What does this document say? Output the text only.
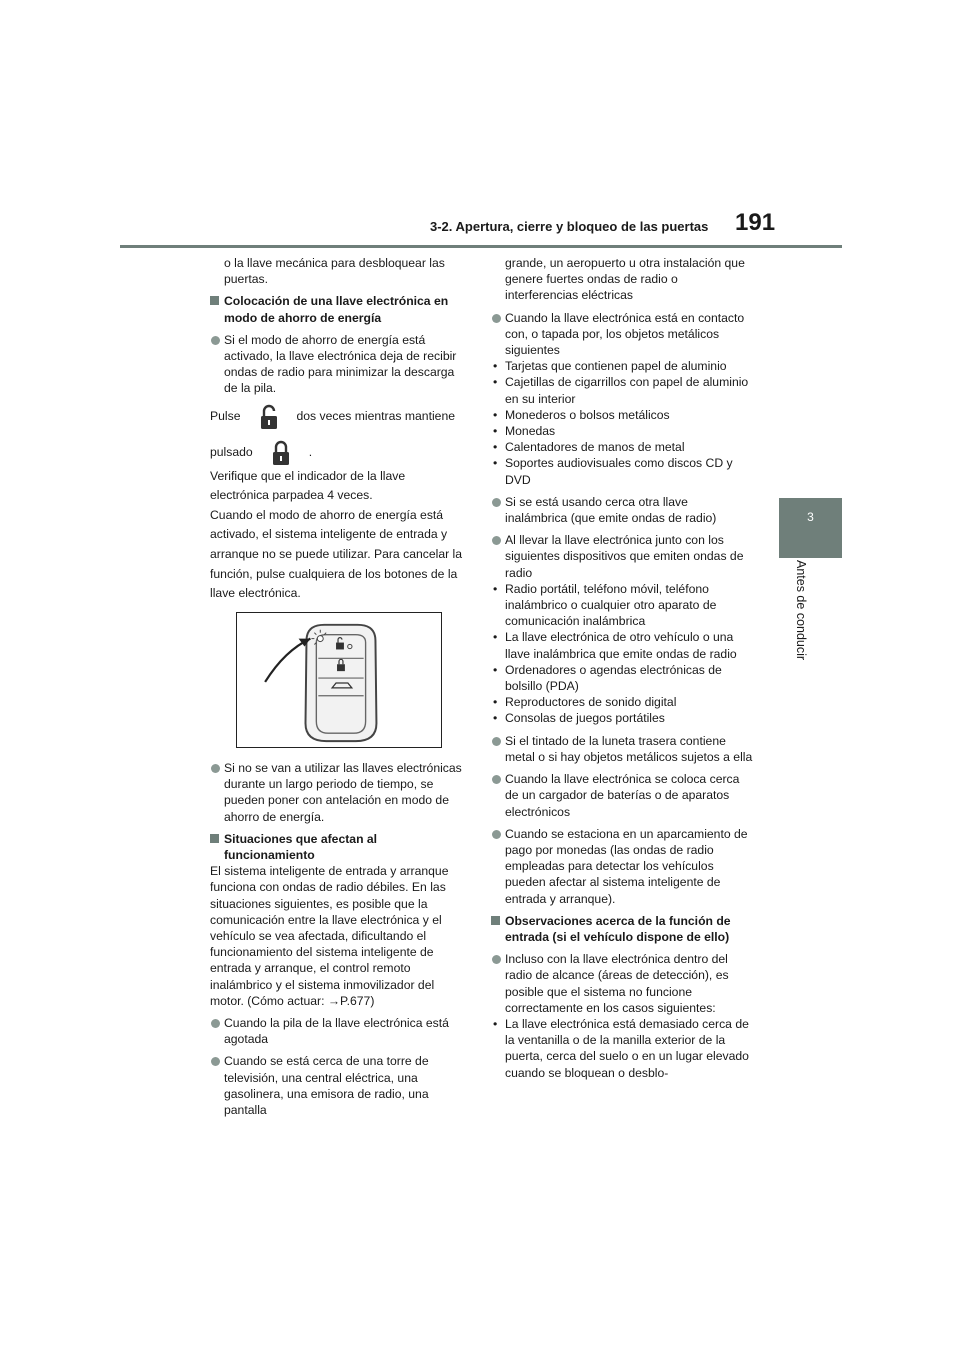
3-2. Apertura, cierre y bloqueo de las puertas 191
3
Antes de conducir

o la llave mecánica para desbloquear las puertas.

Colocación de una llave electrónica en modo de ahorro de energía

Si el modo de ahorro de energía está activado, la llave electrónica deja de recibir ondas de radio para minimizar la descarga de la pila.

Pulse	dos veces mientras mantiene

pulsado	.

Verifique que el indicador de la llave electrónica parpadea 4 veces.

Cuando el modo de ahorro de energía está activado, el sistema inteligente de entrada y arranque no se puede utilizar. Para cancelar la función, pulse cualquiera de los botones de la llave electrónica.

Si no se van a utilizar las llaves electrónicas durante un largo periodo de tiempo, se pueden poner con antelación en modo de ahorro de energía.

Situaciones que afectan al funcionamiento

El sistema inteligente de entrada y arranque funciona con ondas de radio débiles. En las situaciones siguientes, es posible que la comunicación entre la llave electrónica y el vehículo se vea afectada, dificultando el funcionamiento del sistema inteligente de entrada y arranque, el control remoto inalámbrico y el sistema inmovilizador del motor. (Cómo actuar: →P.677)

Cuando la pila de la llave electrónica está agotada

Cuando se está cerca de una torre de televisión, una central eléctrica, una gasolinera, una emisora de radio, una pantalla

grande, un aeropuerto u otra instalación que genere fuertes ondas de radio o interferencias eléctricas

Cuando la llave electrónica está en contacto con, o tapada por, los objetos metálicos siguientes

• Tarjetas que contienen papel de aluminio

• Cajetillas de cigarrillos con papel de aluminio en su interior

• Monederos o bolsos metálicos

• Monedas

• Calentadores de manos de metal

• Soportes audiovisuales como discos CD y DVD

Si se está usando cerca otra llave inalámbrica (que emite ondas de radio)

Al llevar la llave electrónica junto con los siguientes dispositivos que emiten ondas de radio

• Radio portátil, teléfono móvil, teléfono inalámbrico o cualquier otro aparato de comunicación inalámbrica

• La llave electrónica de otro vehículo o una llave inalámbrica que emite ondas de radio

• Ordenadores o agendas electrónicas de bolsillo (PDA)

• Reproductores de sonido digital

• Consolas de juegos portátiles

Si el tintado de la luneta trasera contiene metal o si hay objetos metálicos sujetos a ella

Cuando la llave electrónica se coloca cerca de un cargador de baterías o de aparatos electrónicos

Cuando se estaciona en un aparcamiento de pago por monedas (las ondas de radio empleadas para detectar los vehículos pueden afectar al sistema inteligente de entrada y arranque).

Observaciones acerca de la función de entrada (si el vehículo dispone de ello)

Incluso con la llave electrónica dentro del radio de alcance (áreas de detección), es posible que el sistema no funcione correctamente en los casos siguientes:

• La llave electrónica está demasiado cerca de la ventanilla o de la manilla exterior de la puerta, cerca del suelo o en un lugar elevado cuando se bloquean o desblo-
